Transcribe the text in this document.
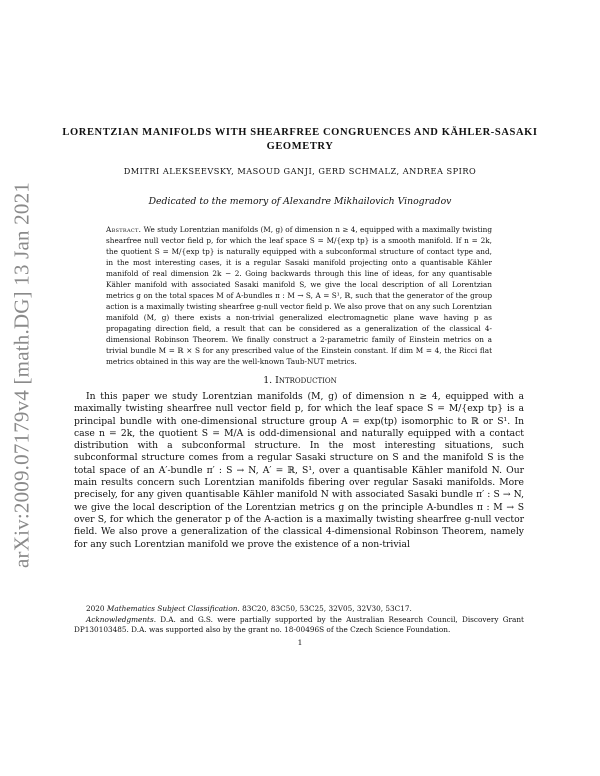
arXiv:2009.07179v4 [math.DG] 13 Jan 2021
LORENTZIAN MANIFOLDS WITH SHEARFREE CONGRUENCES AND KÄHLER-SASAKI GEOMETRY
DMITRI ALEKSEEVSKY, MASOUD GANJI, GERD SCHMALZ, ANDREA SPIRO
Dedicated to the memory of Alexandre Mikhailovich Vinogradov

Abstract. We study Lorentzian manifolds (M, g) of dimension n ≥ 4, equipped with a maximally twisting shearfree null vector field p, for which the leaf space S = M/{exp tp} is a smooth manifold. If n = 2k, the quotient S = M/{exp tp} is naturally equipped with a subconformal structure of contact type and, in the most interesting cases, it is a regular Sasaki manifold projecting onto a quantisable Kähler manifold of real dimension 2k − 2. Going backwards through this line of ideas, for any quantisable Kähler manifold with associated Sasaki manifold S, we give the local description of all Lorentzian metrics g on the total spaces M of A-bundles π : M → S, A = S¹, ℝ, such that the generator of the group action is a maximally twisting shearfree g-null vector field p. We also prove that on any such Lorentzian manifold (M, g) there exists a non-trivial generalized electromagnetic plane wave having p as propagating direction field, a result that can be considered as a generalization of the classical 4-dimensional Robinson Theorem. We finally construct a 2-parametric family of Einstein metrics on a trivial bundle M = ℝ × S for any prescribed value of the Einstein constant. If dim M = 4, the Ricci flat metrics obtained in this way are the well-known Taub-NUT metrics.

1. Introduction

In this paper we study Lorentzian manifolds (M, g) of dimension n ≥ 4, equipped with a maximally twisting shearfree null vector field p, for which the leaf space S = M/{exp tp} is a principal bundle with one-dimensional structure group A = exp(tp) isomorphic to ℝ or S¹. In case n = 2k, the quotient S = M/A is odd-dimensional and naturally equipped with a contact distribution with a subconformal structure. In the most interesting situations, such subconformal structure comes from a regular Sasaki structure on S and the manifold S is the total space of an A′-bundle π′ : S → N, A′ = ℝ, S¹, over a quantisable Kähler manifold N. Our main results concern such Lorentzian manifolds fibering over regular Sasaki manifolds. More precisely, for any given quantisable Kähler manifold N with associated Sasaki bundle π′ : S → N, we give the local description of the Lorentzian metrics g on the principle A-bundles π : M → S over S, for which the generator p of the A-action is a maximally twisting shearfree g-null vector field. We also prove a generalization of the classical 4-dimensional Robinson Theorem, namely for any such Lorentzian manifold we prove the existence of a non-trivial

2020 Mathematics Subject Classification. 83C20, 83C50, 53C25, 32V05, 32V30, 53C17.

Acknowledgments. D.A. and G.S. were partially supported by the Australian Research Council, Discovery Grant DP130103485. D.A. was supported also by the grant no. 18-00496S of the Czech Science Foundation.

1
